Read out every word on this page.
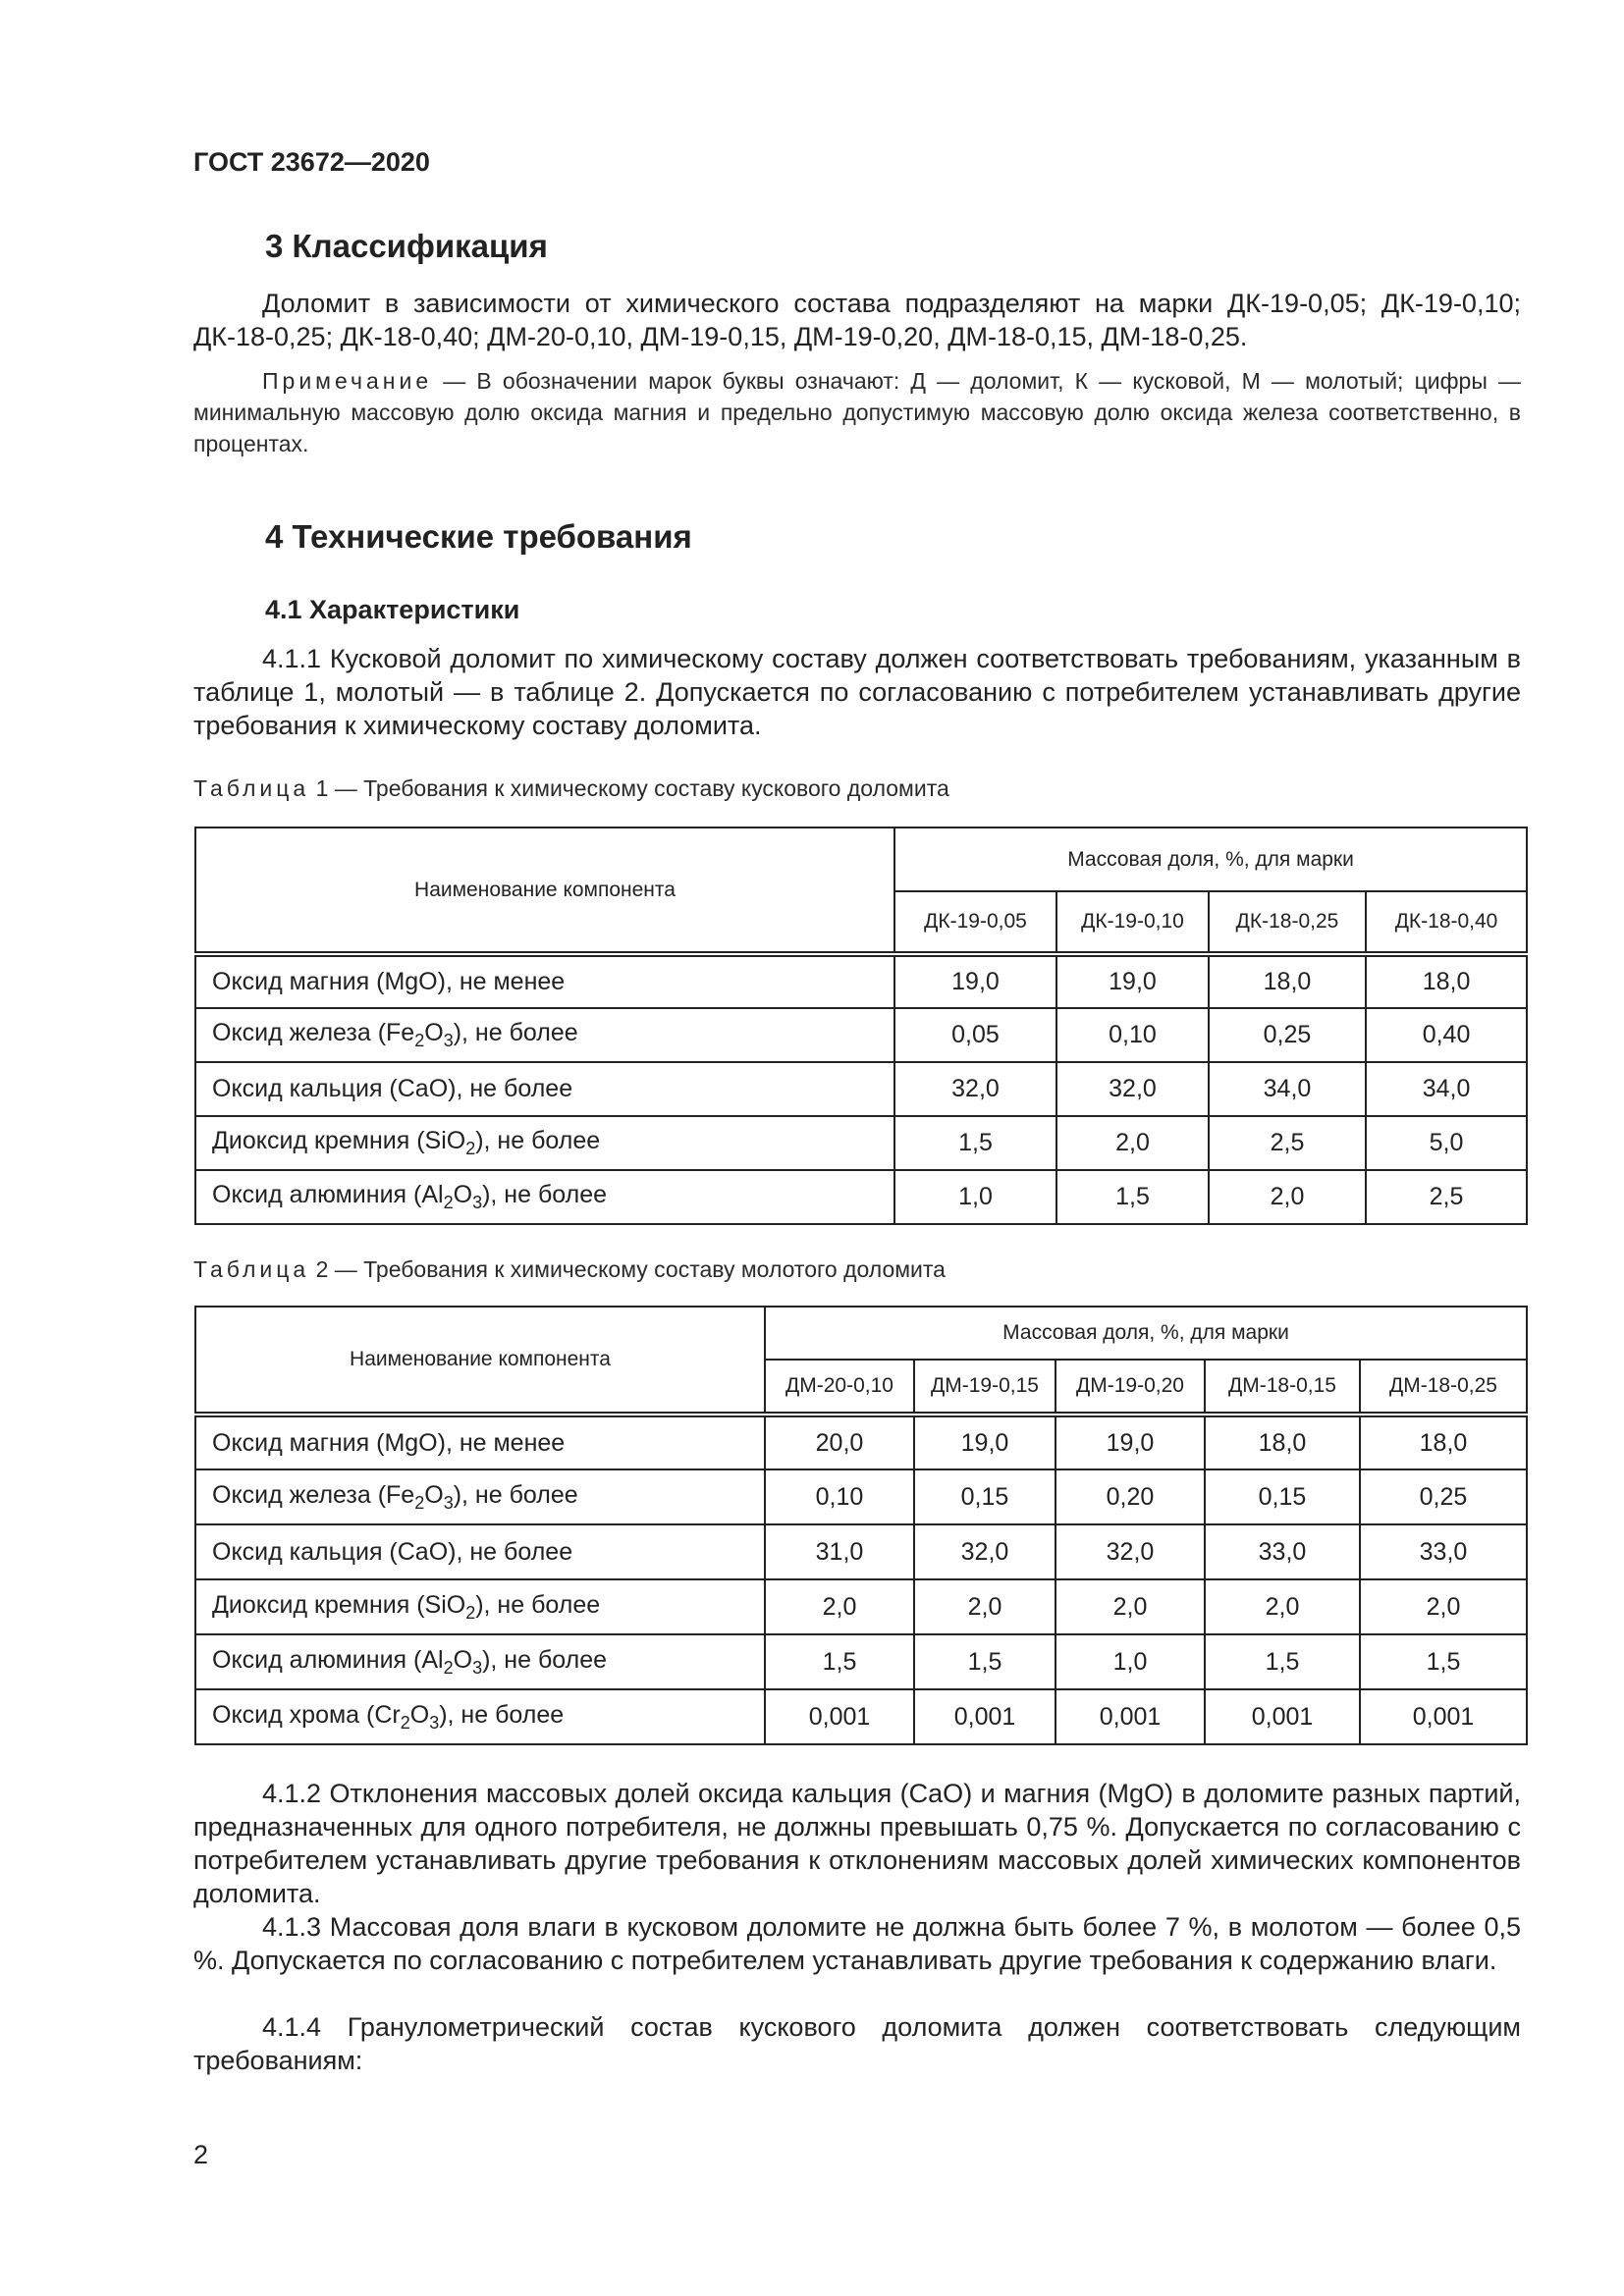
ГОСТ 23672—2020
3 Классификация
Доломит в зависимости от химического состава подразделяют на марки ДК-19-0,05; ДК-19-0,10; ДК-18-0,25; ДК-18-0,40; ДМ-20-0,10, ДМ-19-0,15, ДМ-19-0,20, ДМ-18-0,15, ДМ-18-0,25.
Примечание — В обозначении марок буквы означают: Д — доломит, К — кусковой, М — молотый; цифры — минимальную массовую долю оксида магния и предельно допустимую массовую долю оксида железа соответственно, в процентах.
4 Технические требования
4.1 Характеристики
4.1.1 Кусковой доломит по химическому составу должен соответствовать требованиям, указанным в таблице 1, молотый — в таблице 2. Допускается по согласованию с потребителем устанавливать другие требования к химическому составу доломита.
Таблица 1 — Требования к химическому составу кускового доломита
Наименование компонента	Массовая доля, %, для марки			
	ДК-19-0,05	ДК-19-0,10	ДК-18-0,25	ДК-18-0,40
Оксид магния (MgO), не менее	19,0	19,0	18,0	18,0
Оксид железа $(Fe_2O_3)$, не более	0,05	0,10	0,25	0,40
Оксид кальция (CaO), не более	32,0	32,0	34,0	34,0
Диоксид кремния (SiO$_2$), не более	1,5	2,0	2,5	5,0
Оксид алюминия $(Al_2O_3)$, не более	1,0	1,5	2,0	2,5
Таблица 2 — Требования к химическому составу молотого доломита
Наименование компонента	Массовая доля, %, для марки				
	ДМ-20-0,10	ДМ-19-0,15	ДМ-19-0,20	ДМ-18-0,15	ДМ-18-0,25
Оксид магния (MgO), не менее	20,0	19,0	19,0	18,0	18,0
Оксид железа $(Fe_2O_3)$, не более	0,10	0,15	0,20	0,15	0,25
Оксид кальция (CaO), не более	31,0	32,0	32,0	33,0	33,0
Диоксид кремния (SiO$_2$), не более	2,0	2,0	2,0	2,0	2,0
Оксид алюминия $(Al_2O_3)$, не более	1,5	1,5	1,0	1,5	1,5
Оксид хрома $(Cr_2O_3)$, не более	0,001	0,001	0,001	0,001	0,001
4.1.2 Отклонения массовых долей оксида кальция (CaO) и магния (MgO) в доломите разных партий, предназначенных для одного потребителя, не должны превышать 0,75 %. Допускается по согласованию с потребителем устанавливать другие требования к отклонениям массовых долей химических компонентов доломита.
4.1.3 Массовая доля влаги в кусковом доломите не должна быть более 7 %, в молотом — более 0,5 %. Допускается по согласованию с потребителем устанавливать другие требования к содержанию влаги.
4.1.4 Гранулометрический состав кускового доломита должен соответствовать следующим требованиям:
2
